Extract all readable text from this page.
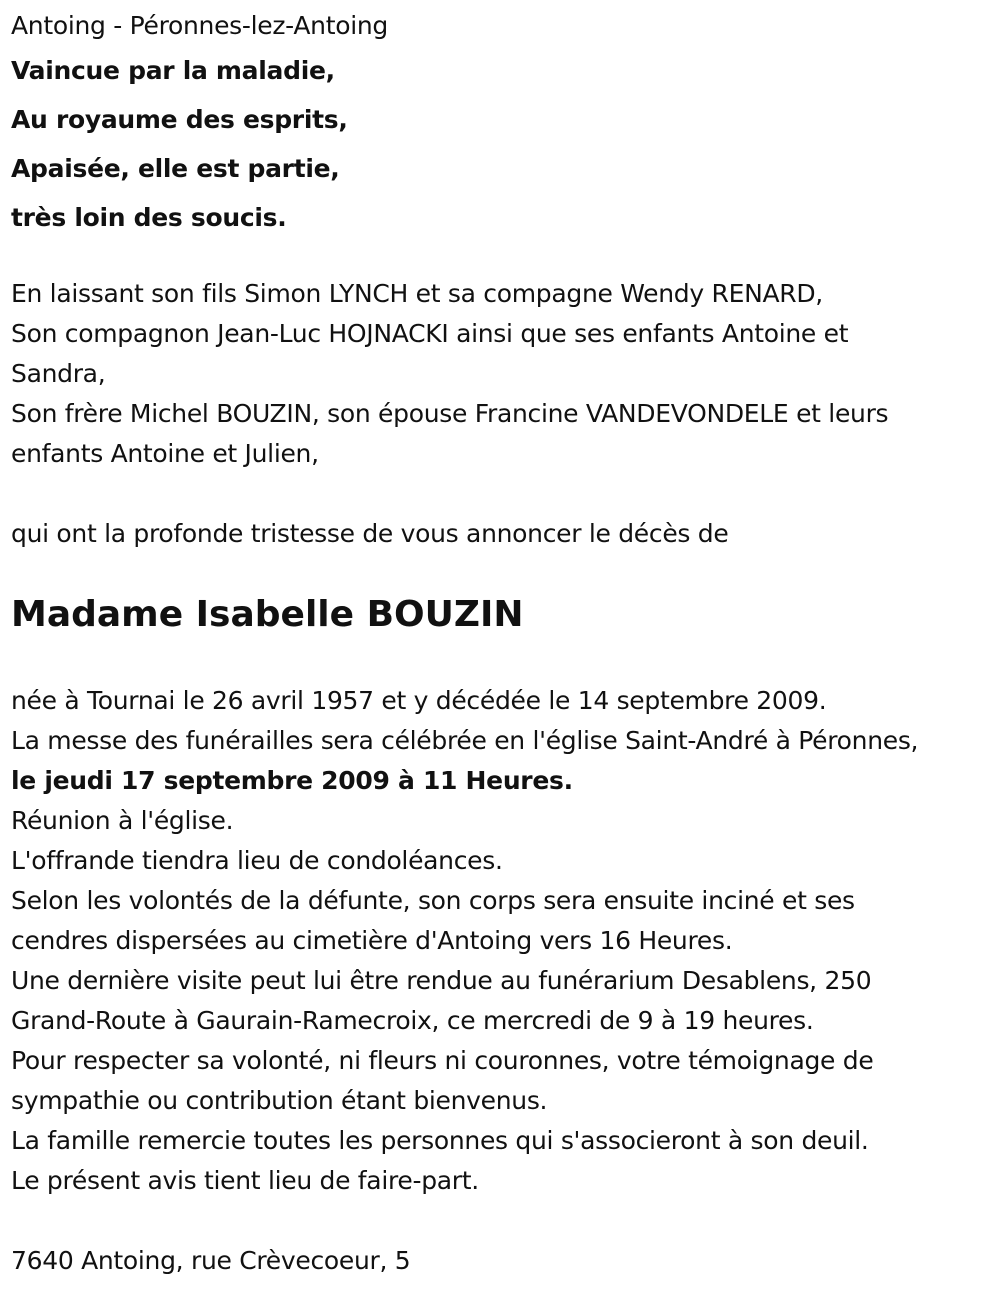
Antoing - Péronnes-lez-Antoing
Vaincue par la maladie,
Au royaume des esprits,
Apaisée, elle est partie,
très loin des soucis.
En laissant son fils Simon LYNCH et sa compagne Wendy RENARD,
Son compagnon Jean-Luc HOJNACKI ainsi que ses enfants Antoine et
Sandra,
Son frère Michel BOUZIN, son épouse Francine VANDEVONDELE et leurs
enfants Antoine et Julien,
qui ont la profonde tristesse de vous annoncer le décès de
Madame Isabelle BOUZIN
née à Tournai le 26 avril 1957 et y décédée le 14 septembre 2009.
La messe des funérailles sera célébrée en l'église Saint-André à Péronnes,
le jeudi 17 septembre 2009 à 11 Heures.
Réunion à l'église.
L'offrande tiendra lieu de condoléances.
Selon les volontés de la défunte, son corps sera ensuite inciné et ses
cendres dispersées au cimetière d'Antoing vers 16 Heures.
Une dernière visite peut lui être rendue au funérarium Desablens, 250
Grand-Route à Gaurain-Ramecroix, ce mercredi de 9 à 19 heures.
Pour respecter sa volonté, ni fleurs ni couronnes, votre témoignage de
sympathie ou contribution étant bienvenus.
La famille remercie toutes les personnes qui s'associeront à son deuil.
Le présent avis tient lieu de faire-part.
7640 Antoing, rue Crèvecoeur, 5
